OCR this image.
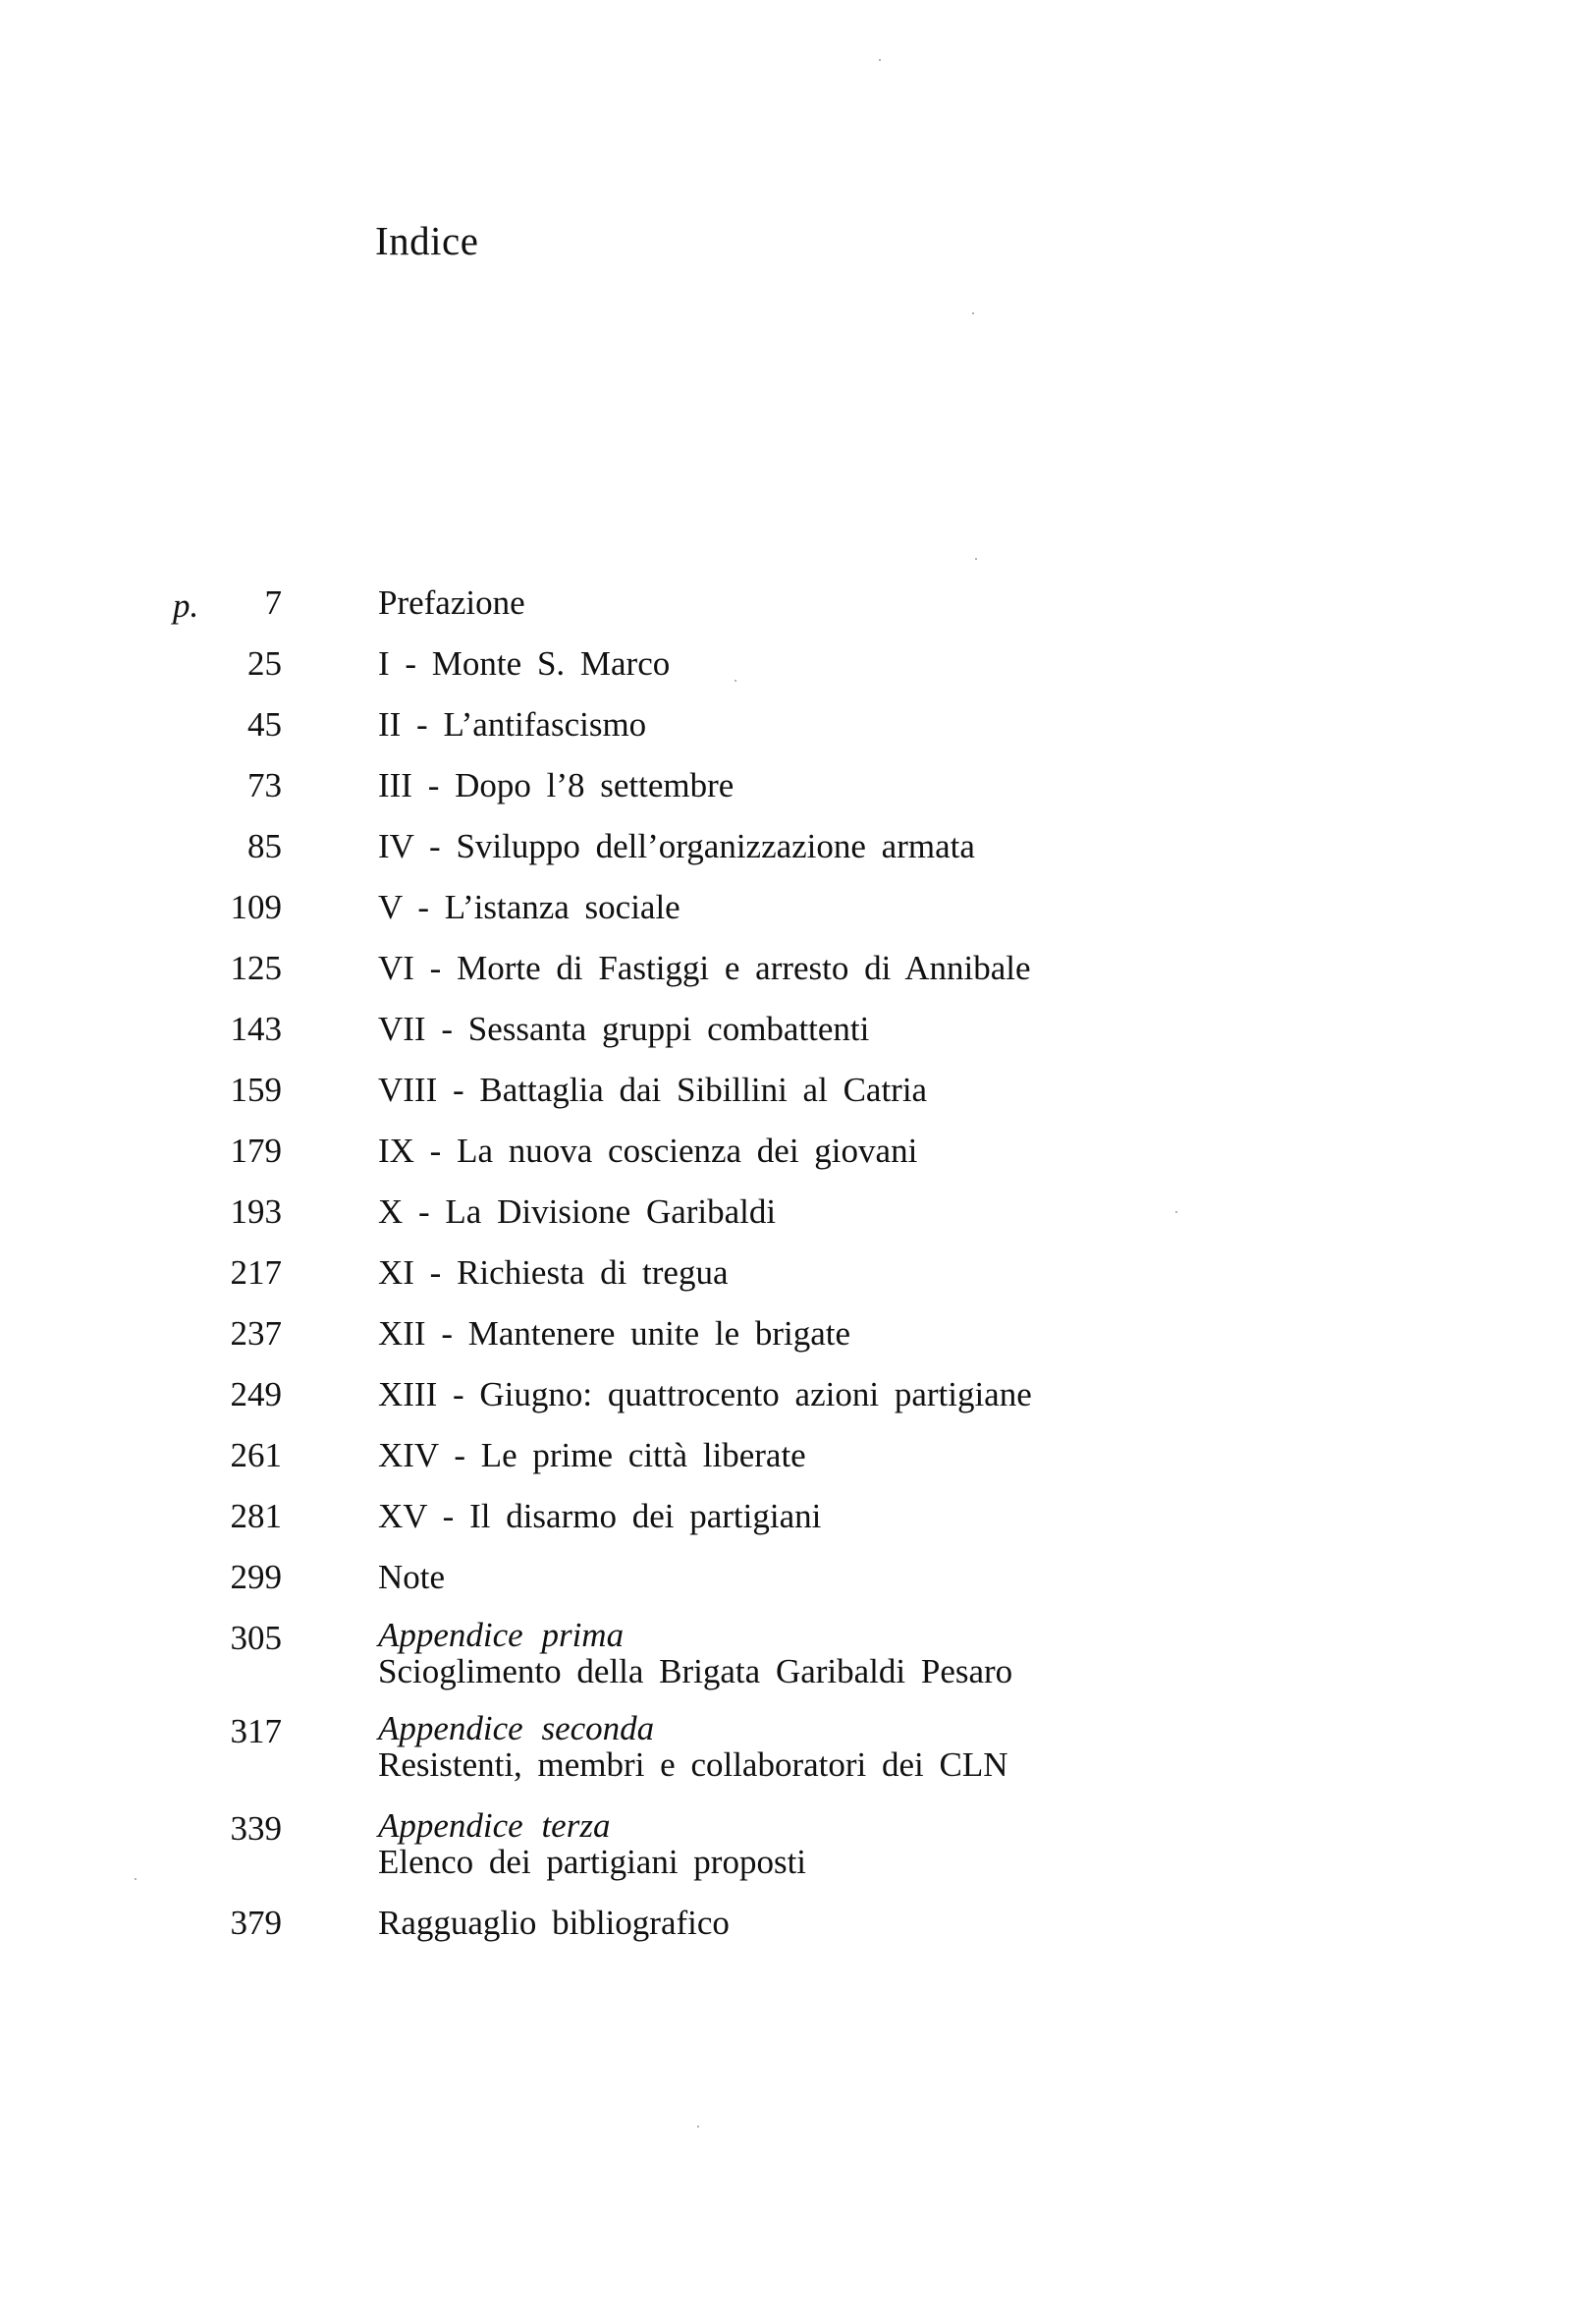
Indice
p. 7	Prefazione
25	I - Monte S. Marco
45	II - L’antifascismo
73	III - Dopo l’8 settembre
85	IV - Sviluppo dell’organizzazione armata
109	V - L’istanza sociale
125	VI - Morte di Fastiggi e arresto di Annibale
143	VII - Sessanta gruppi combattenti
159	VIII - Battaglia dai Sibillini al Catria
179	IX - La nuova coscienza dei giovani
193	X - La Divisione Garibaldi
217	XI - Richiesta di tregua
237	XII - Mantenere unite le brigate
249	XIII - Giugno: quattrocento azioni partigiane
261	XIV - Le prime città liberate
281	XV - Il disarmo dei partigiani
299	Note
305	Appendice prima
Scioglimento della Brigata Garibaldi Pesaro
317	Appendice seconda
Resistenti, membri e collaboratori dei CLN
339	Appendice terza
Elenco dei partigiani proposti
379	Ragguaglio bibliografico
